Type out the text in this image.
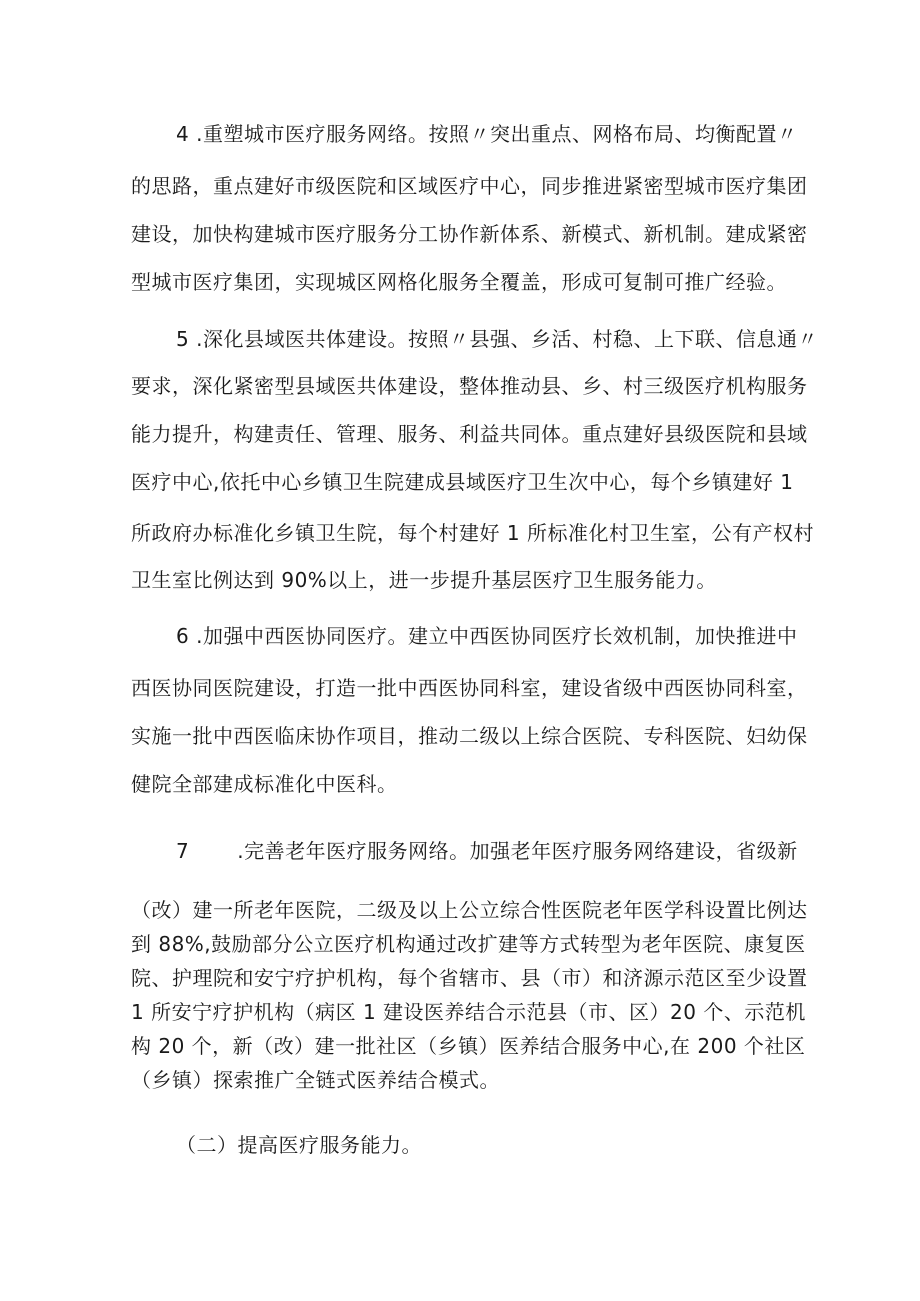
4 .重塑城市医疗服务网络。按照〃突出重点、网格布局、均衡配置〃
的思路，重点建好市级医院和区域医疗中心，同步推进紧密型城市医疗集团
建设，加快构建城市医疗服务分工协作新体系、新模式、新机制。建成紧密
型城市医疗集团，实现城区网格化服务全覆盖，形成可复制可推广经验。
5 .深化县域医共体建设。按照〃县强、乡活、村稳、上下联、信息通〃
要求，深化紧密型县域医共体建设，整体推动县、乡、村三级医疗机构服务
能力提升，构建责任、管理、服务、利益共同体。重点建好县级医院和县域
医疗中心,依托中心乡镇卫生院建成县域医疗卫生次中心，每个乡镇建好 1
所政府办标准化乡镇卫生院，每个村建好 1 所标准化村卫生室，公有产权村
卫生室比例达到 90%以上，进一步提升基层医疗卫生服务能力。
6 .加强中西医协同医疗。建立中西医协同医疗长效机制，加快推进中
西医协同医院建设，打造一批中西医协同科室，建设省级中西医协同科室，
实施一批中西医临床协作项目，推动二级以上综合医院、专科医院、妇幼保
健院全部建成标准化中医科。
7 .完善老年医疗服务网络。加强老年医疗服务网络建设，省级新
（改）建一所老年医院，二级及以上公立综合性医院老年医学科设置比例达
到 88%,鼓励部分公立医疗机构通过改扩建等方式转型为老年医院、康复医
院、护理院和安宁疗护机构，每个省辖市、县（市）和济源示范区至少设置
1 所安宁疗护机构（病区 1 建设医养结合示范县（市、区）20 个、示范机
构 20 个，新（改）建一批社区（乡镇）医养结合服务中心,在 200 个社区
（乡镇）探索推广全链式医养结合模式。
（二）提高医疗服务能力。
